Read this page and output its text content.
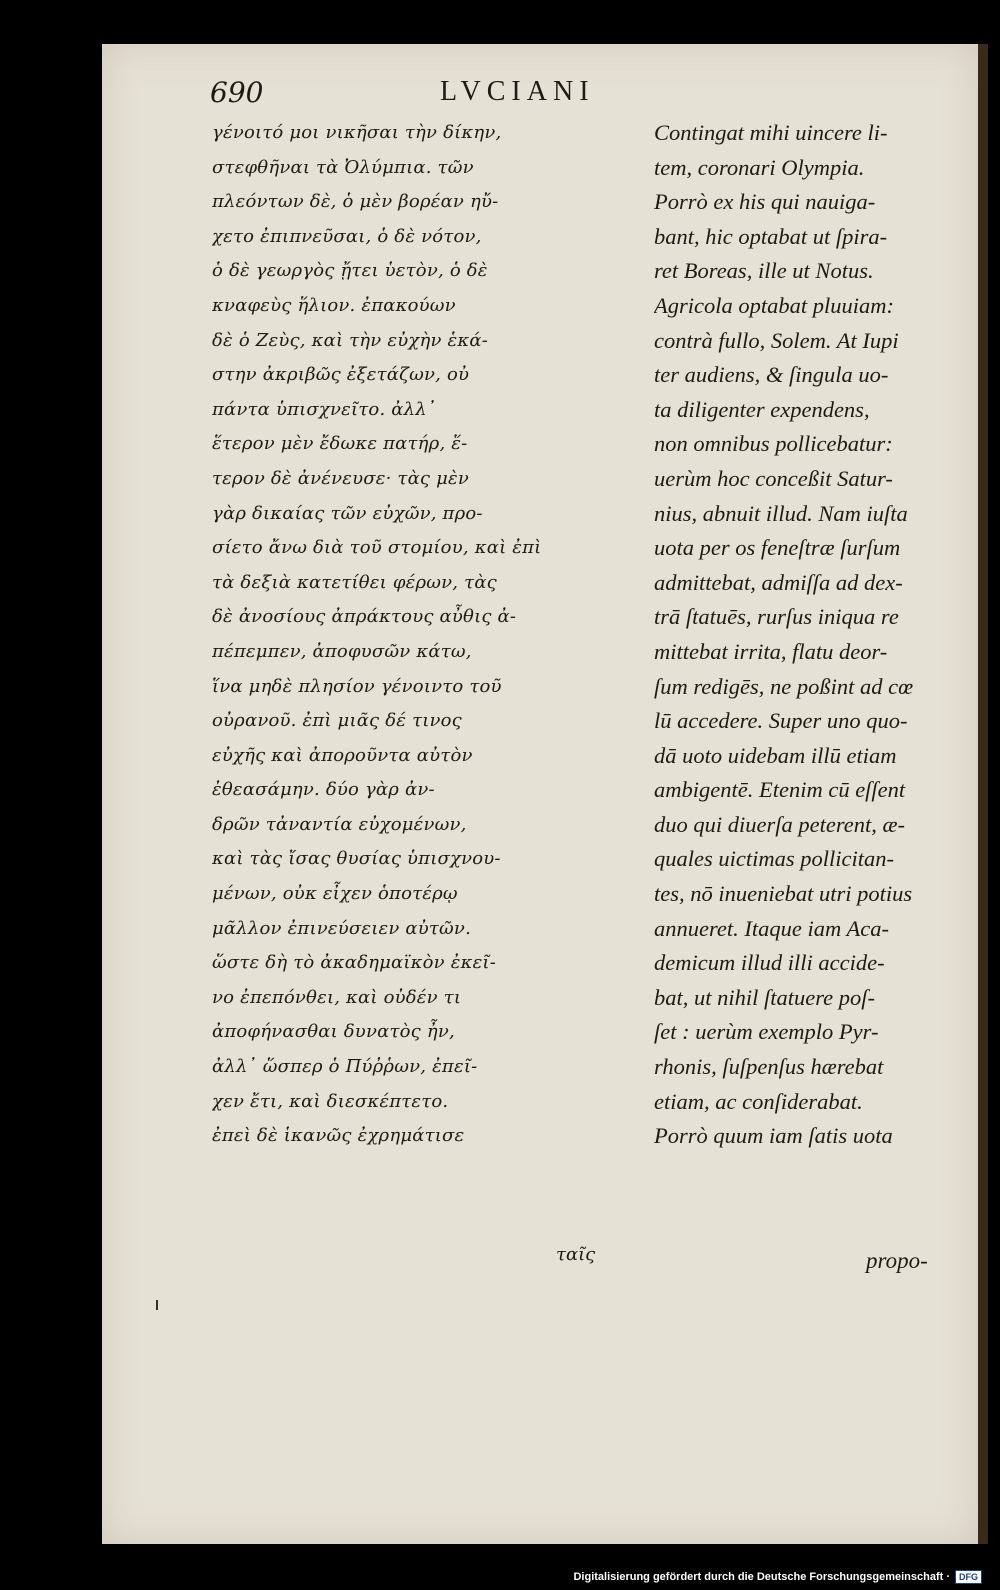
690	LVCIANI
γένοιτό μοι νικῆσαι τὴν δίκην,
στεφθῆναι τὰ Ὀλύμπια. τῶν
πλεόντων δὲ, ὁ μὲν βορέαν ηὔ-
χετο ἐπιπνεῦσαι, ὁ δὲ νότον,
ὁ δὲ γεωργὸς ᾔτει ὑετὸν, ὁ δὲ
κναφεὺς ἥλιον. ἐπακούων
δὲ ὁ Ζεὺς, καὶ τὴν εὐχὴν ἑκά-
στην ἀκριβῶς ἐξετάζων, οὐ
πάντα ὑπισχνεῖτο. ἀλλ᾽
ἕτερον μὲν ἔδωκε πατήρ, ἕ-
τερον δὲ ἀνένευσε· τὰς μὲν
γὰρ δικαίας τῶν εὐχῶν, προ-
σίετο ἄνω διὰ τοῦ στομίου, καὶ ἐπὶ
τὰ δεξιὰ κατετίθει φέρων, τὰς
δὲ ἀνοσίους ἀπράκτους αὖθις ἀ-
πέπεμπεν, ἀποφυσῶν κάτω,
ἵνα μηδὲ πλησίον γένοιντο τοῦ
οὐρανοῦ. ἐπὶ μιᾶς δέ τινος
εὐχῆς καὶ ἀποροῦντα αὐτὸν
ἐθεασάμην. δύο γὰρ ἀν-
δρῶν τἀναντία εὐχομένων,
καὶ τὰς ἴσας θυσίας ὑπισχνου-
μένων, οὐκ εἶχεν ὁποτέρῳ
μᾶλλον ἐπινεύσειεν αὐτῶν.
ὥστε δὴ τὸ ἀκαδημαϊκὸν ἐκεῖ-
νο ἐπεπόνθει, καὶ οὐδέν τι
ἀποφήνασθαι δυνατὸς ἦν,
ἀλλ᾽ ὥσπερ ὁ Πύῤῥων, ἐπεῖ-
χεν ἔτι, καὶ διεσκέπτετο.
ἐπεὶ δὲ ἱκανῶς ἐχρημάτισε
Contingat mihi uincere li-
tem, coronari Olympia.
Porrò ex his qui nauiga-
bant, hic optabat ut ſpira-
ret Boreas, ille ut Notus.
Agricola optabat pluuiam:
contrà fullo, Solem. At Iupi
ter audiens, & ſingula uo-
ta diligenter expendens,
non omnibus pollicebatur:
uerùm hoc conceßit Satur-
nius, abnuit illud. Nam iuſta
uota per os feneſtræ ſurſum
admittebat, admiſſa ad dex-
trā ſtatuēs, rurſus iniqua re
mittebat irrita, flatu deor-
ſum redigēs, ne poßint ad cœ
lū accedere. Super uno quo-
dā uoto uidebam illū etiam
ambigentē. Etenim cū eſſent
duo qui diuerſa peterent, æ-
quales uictimas pollicitan-
tes, nō inueniebat utri potius
annueret. Itaque iam Aca-
demicum illud illi accide-
bat, ut nihil ſtatuere poſ-
ſet : uerùm exemplo Pyr-
rhonis, ſuſpenſus hærebat
etiam, ac conſiderabat.
Porrò quum iam ſatis uota
ταῖς	propo-
Digitalisierung gefördert durch die Deutsche Forschungsgemeinschaft ·	DFG
